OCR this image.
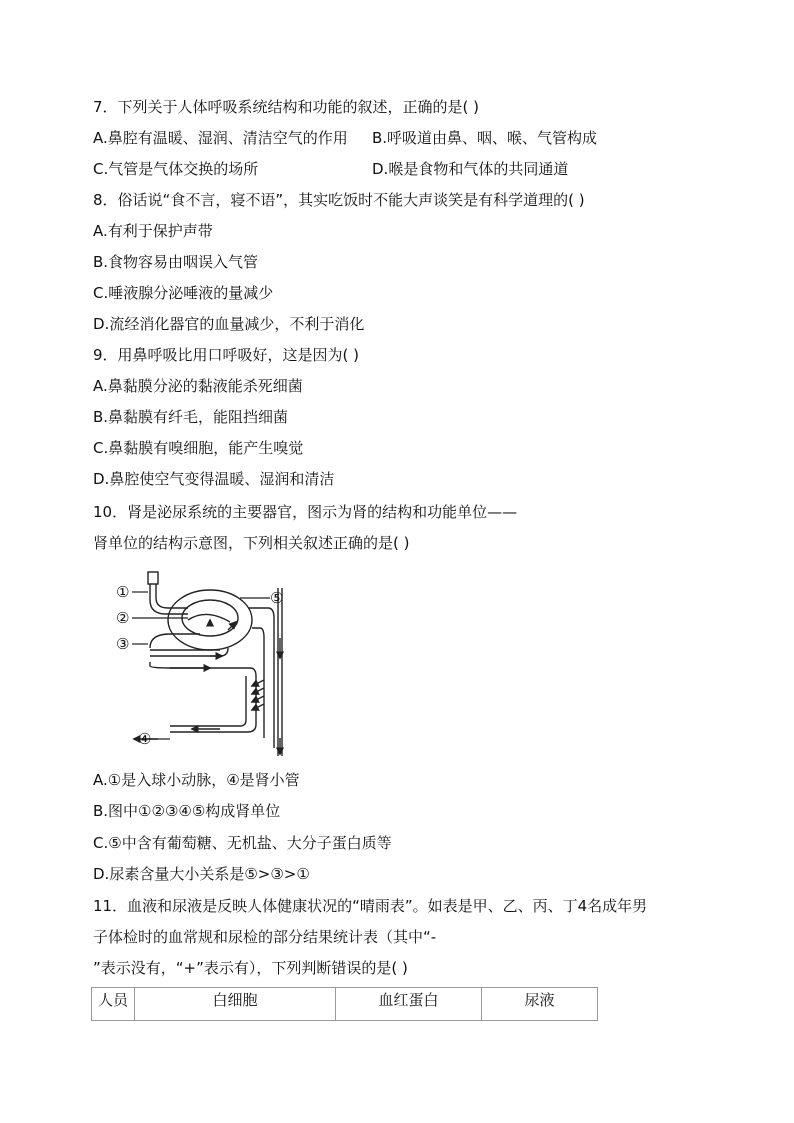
7．下列关于人体呼吸系统结构和功能的叙述，正确的是( )
A.鼻腔有温暖、湿润、清洁空气的作用 B.呼吸道由鼻、咽、喉、气管构成
C.气管是气体交换的场所	D.喉是食物和气体的共同通道
8．俗话说“食不言，寝不语”，其实吃饭时不能大声谈笑是有科学道理的( )
A.有利于保护声带
B.食物容易由咽误入气管
C.唾液腺分泌唾液的量减少
D.流经消化器官的血量减少，不利于消化
9．用鼻呼吸比用口呼吸好，这是因为( )
A.鼻黏膜分泌的黏液能杀死细菌
B.鼻黏膜有纤毛，能阻挡细菌
C.鼻黏膜有嗅细胞，能产生嗅觉
D.鼻腔使空气变得温暖、湿润和清洁
10．肾是泌尿系统的主要器官，图示为肾的结构和功能单位——
肾单位的结构示意图，下列相关叙述正确的是( )
①
②
③
④
⑤
A.①是入球小动脉，④是肾小管
B.图中①②③④⑤构成肾单位
C.⑤中含有葡萄糖、无机盐、大分子蛋白质等
D.尿素含量大小关系是⑤>③>①
11．血液和尿液是反映人体健康状况的“晴雨表”。如表是甲、乙、丙、丁4名成年男
子体检时的血常规和尿检的部分结果统计表（其中“-
”表示没有，“+”表示有），下列判断错误的是( )
人员	白细胞	血红蛋白	尿液
